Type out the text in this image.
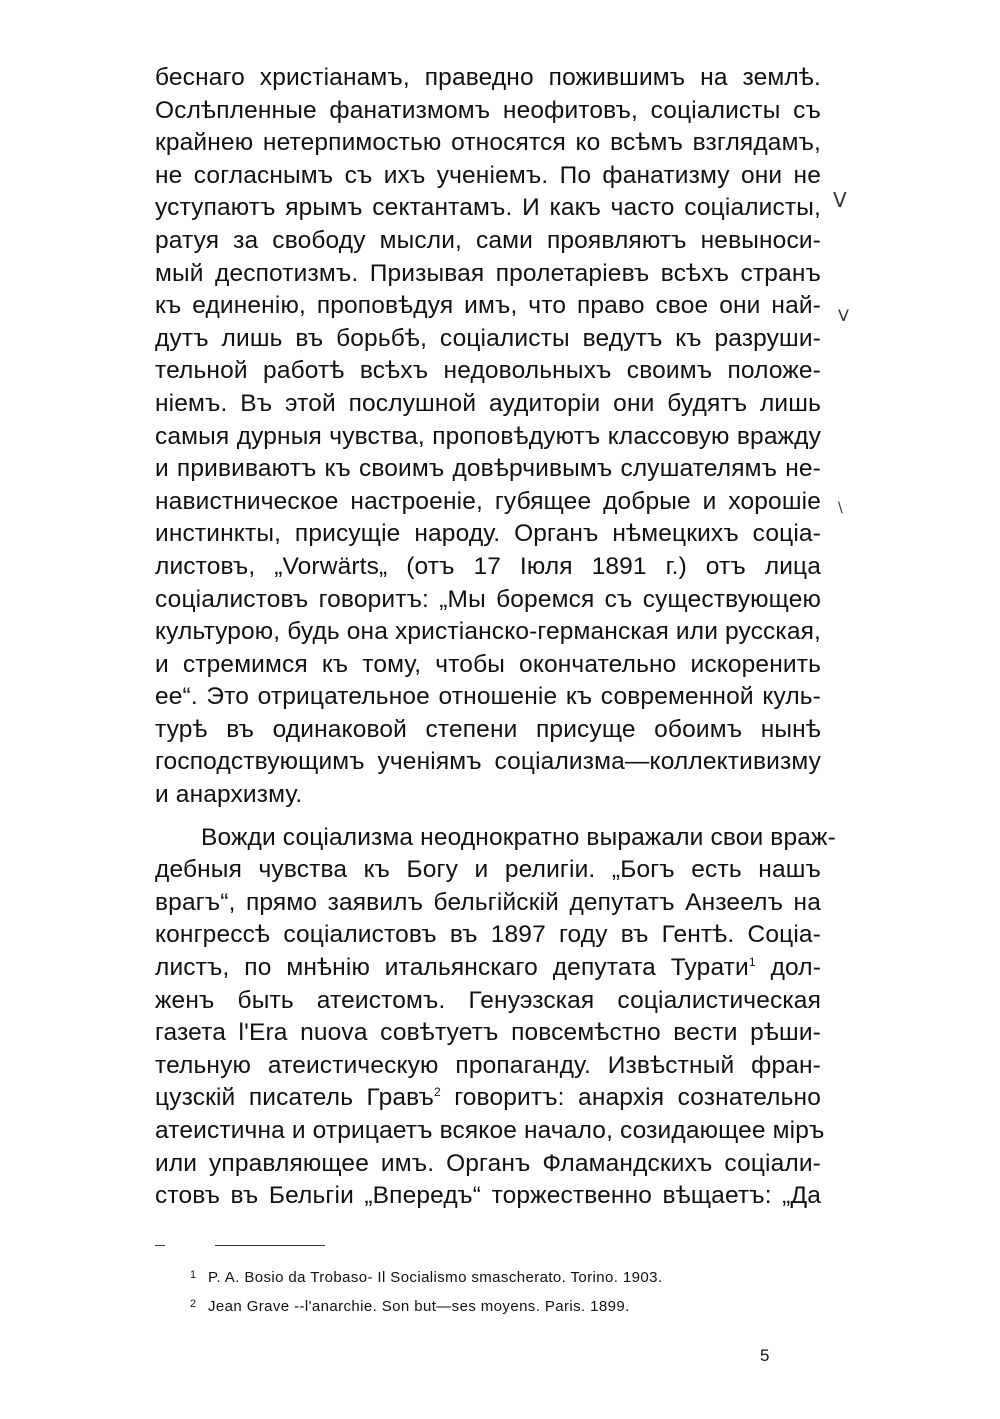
беснаго христіанамъ, праведно пожившимъ на землѣ.
Ослѣпленные фанатизмомъ неофитовъ, соціалисты съ
крайнею нетерпимостью относятся ко всѣмъ взглядамъ,
не согласнымъ съ ихъ ученіемъ. По фанатизму они не
уступаютъ ярымъ сектантамъ. И какъ часто соціалисты,
ратуя за свободу мысли, сами проявляютъ невыноси-
мый деспотизмъ. Призывая пролетаріевъ всѣхъ странъ
къ единенію, проповѣдуя имъ, что право свое они най-
дутъ лишь въ борьбѣ, соціалисты ведутъ къ разруши-
тельной работѣ всѣхъ недовольныхъ своимъ положе-
ніемъ. Въ этой послушной аудиторіи они будятъ лишь
самыя дурныя чувства, проповѣдуютъ классовую вражду
и прививаютъ къ своимъ довѣрчивымъ слушателямъ не-
навистническое настроеніе, губящее добрые и хорошіе
инстинкты, присущіе народу. Органъ нѣмецкихъ соціа-
листовъ, „Vorwärts„ (отъ 17 Іюля 1891 г.) отъ лица
соціалистовъ говоритъ: „Мы боремся съ существующею
культурою, будь она христіанско-германская или русская,
и стремимся къ тому, чтобы окончательно искоренить
ее“. Это отрицательное отношеніе къ современной куль-
турѣ въ одинаковой степени присуще обоимъ нынѣ
господствующимъ ученіямъ соціализма—коллективизму
и анархизму.
Вожди соціализма неоднократно выражали свои враж-
дебныя чувства къ Богу и религіи. „Богъ есть нашъ
врагъ“, прямо заявилъ бельгійскій депутатъ Анзеелъ на
конгрессѣ соціалистовъ въ 1897 году въ Гентѣ. Соціа-
листъ, по мнѣнію итальянскаго депутата Турати$^1$ дол-
женъ быть атеистомъ. Генуэзская соціалистическая
газета l'Era nuova совѣтуетъ повсемѣстно вести рѣши-
тельную атеистическую пропаганду. Извѣстный фран-
цузскій писатель Гравъ$^2$ говоритъ: анархія сознательно
атеистична и отрицаетъ всякое начало, созидающее міръ
или управляющее имъ. Органъ Фламандскихъ соціали-
стовъ въ Бельгіи „Впередъ“ торжественно вѣщаетъ: „Да
V
V
\
1 P. A. Bosio da Trobaso- Il Socialismo smascherato. Torino. 1903.
2 Jean Grave --l'anarchie. Son but—ses moyens. Paris. 1899.
5
